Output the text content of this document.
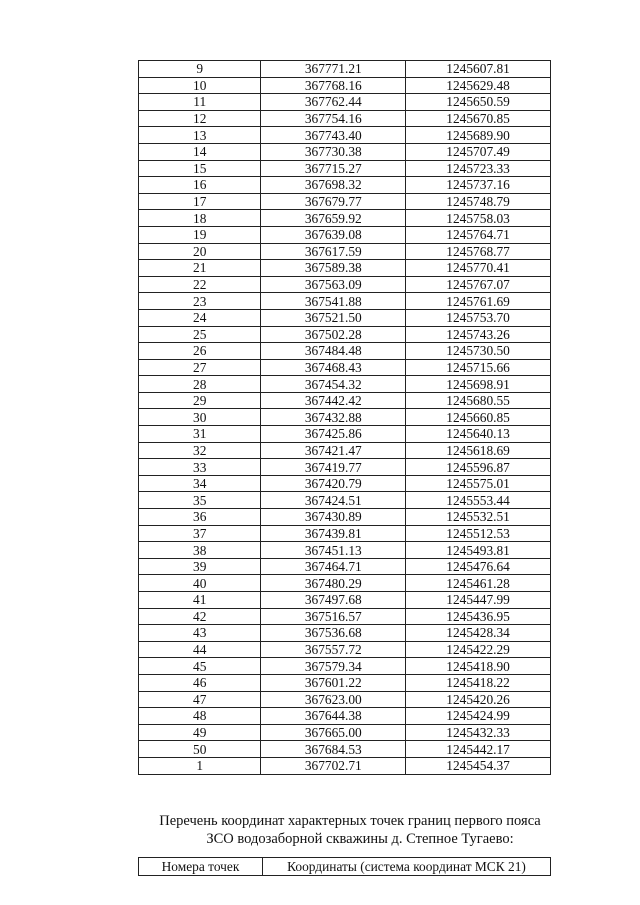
9	367771.21	1245607.81
10	367768.16	1245629.48
11	367762.44	1245650.59
12	367754.16	1245670.85
13	367743.40	1245689.90
14	367730.38	1245707.49
15	367715.27	1245723.33
16	367698.32	1245737.16
17	367679.77	1245748.79
18	367659.92	1245758.03
19	367639.08	1245764.71
20	367617.59	1245768.77
21	367589.38	1245770.41
22	367563.09	1245767.07
23	367541.88	1245761.69
24	367521.50	1245753.70
25	367502.28	1245743.26
26	367484.48	1245730.50
27	367468.43	1245715.66
28	367454.32	1245698.91
29	367442.42	1245680.55
30	367432.88	1245660.85
31	367425.86	1245640.13
32	367421.47	1245618.69
33	367419.77	1245596.87
34	367420.79	1245575.01
35	367424.51	1245553.44
36	367430.89	1245532.51
37	367439.81	1245512.53
38	367451.13	1245493.81
39	367464.71	1245476.64
40	367480.29	1245461.28
41	367497.68	1245447.99
42	367516.57	1245436.95
43	367536.68	1245428.34
44	367557.72	1245422.29
45	367579.34	1245418.90
46	367601.22	1245418.22
47	367623.00	1245420.26
48	367644.38	1245424.99
49	367665.00	1245432.33
50	367684.53	1245442.17
1	367702.71	1245454.37
Перечень координат характерных точек границ первого пояса
ЗСО водозаборной скважины д. Степное Тугаево:
Номера точек	Координаты (система координат МСК 21)
